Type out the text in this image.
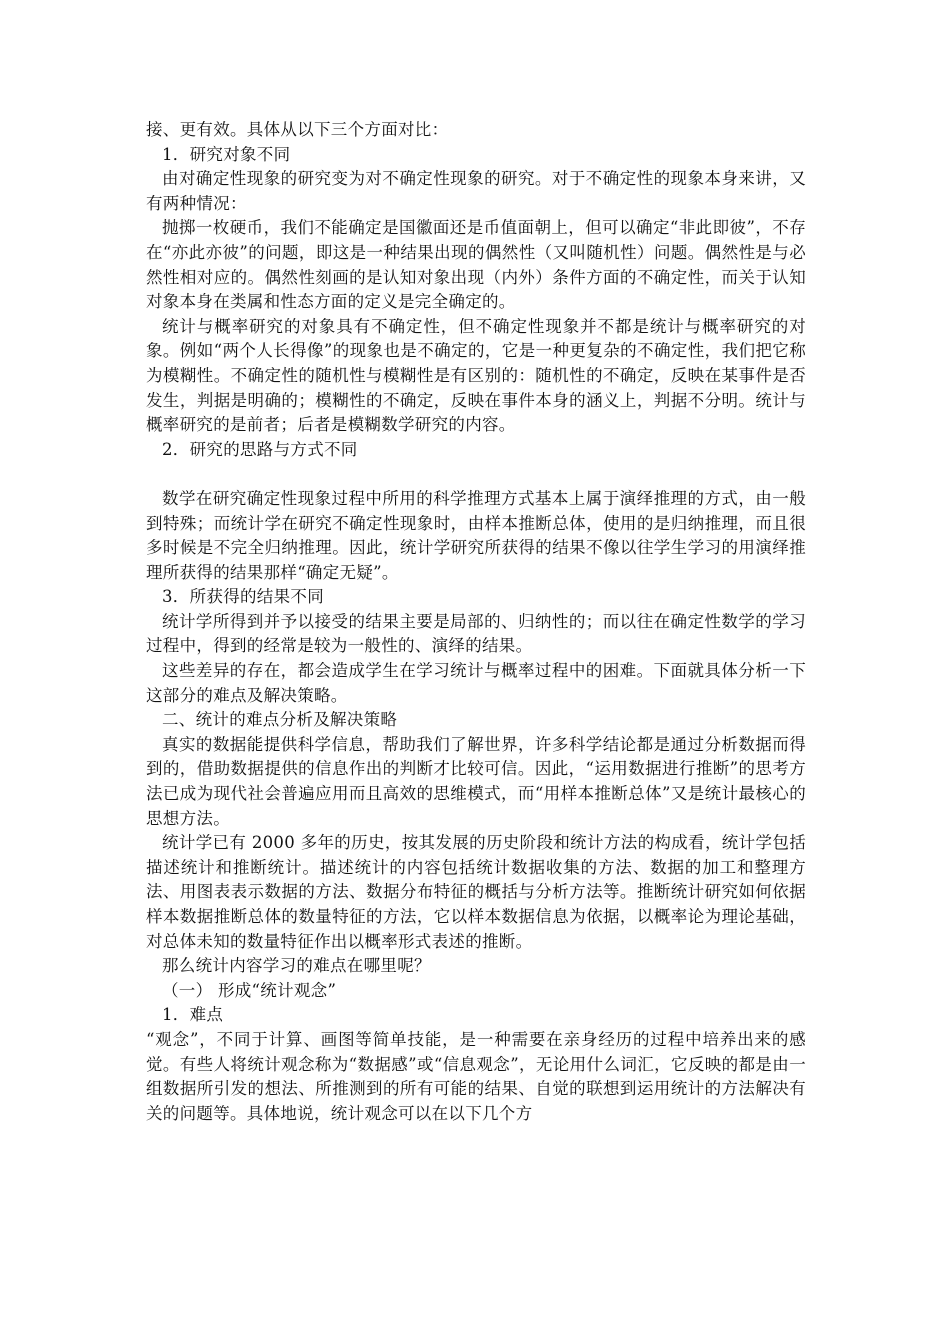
接、更有效。具体从以下三个方面对比：

1．研究对象不同

由对确定性现象的研究变为对不确定性现象的研究。对于不确定性的现象本身来讲，又有两种情况：

抛掷一枚硬币，我们不能确定是国徽面还是币值面朝上，但可以确定“非此即彼”，不存在“亦此亦彼”的问题，即这是一种结果出现的偶然性（又叫随机性）问题。偶然性是与必然性相对应的。偶然性刻画的是认知对象出现（内外）条件方面的不确定性，而关于认知对象本身在类属和性态方面的定义是完全确定的。

统计与概率研究的对象具有不确定性，但不确定性现象并不都是统计与概率研究的对象。例如“两个人长得像”的现象也是不确定的，它是一种更复杂的不确定性，我们把它称为模糊性。不确定性的随机性与模糊性是有区别的：随机性的不确定，反映在某事件是否发生，判据是明确的；模糊性的不确定，反映在事件本身的涵义上，判据不分明。统计与概率研究的是前者；后者是模糊数学研究的内容。

2．研究的思路与方式不同

数学在研究确定性现象过程中所用的科学推理方式基本上属于演绎推理的方式，由一般到特殊；而统计学在研究不确定性现象时，由样本推断总体，使用的是归纳推理，而且很多时候是不完全归纳推理。因此，统计学研究所获得的结果不像以往学生学习的用演绎推理所获得的结果那样“确定无疑”。

3．所获得的结果不同

统计学所得到并予以接受的结果主要是局部的、归纳性的；而以往在确定性数学的学习过程中，得到的经常是较为一般性的、演绎的结果。

这些差异的存在，都会造成学生在学习统计与概率过程中的困难。下面就具体分析一下这部分的难点及解决策略。

二、统计的难点分析及解决策略

真实的数据能提供科学信息，帮助我们了解世界，许多科学结论都是通过分析数据而得到的，借助数据提供的信息作出的判断才比较可信。因此，“运用数据进行推断”的思考方法已成为现代社会普遍应用而且高效的思维模式，而“用样本推断总体”又是统计最核心的思想方法。

统计学已有 2000 多年的历史，按其发展的历史阶段和统计方法的构成看，统计学包括描述统计和推断统计。描述统计的内容包括统计数据收集的方法、数据的加工和整理方法、用图表表示数据的方法、数据分布特征的概括与分析方法等。推断统计研究如何依据样本数据推断总体的数量特征的方法，它以样本数据信息为依据，以概率论为理论基础，对总体未知的数量特征作出以概率形式表述的推断。

那么统计内容学习的难点在哪里呢？

（一） 形成“统计观念”

1．难点

“观念”，不同于计算、画图等简单技能，是一种需要在亲身经历的过程中培养出来的感觉。有些人将统计观念称为“数据感”或“信息观念”，无论用什么词汇，它反映的都是由一组数据所引发的想法、所推测到的所有可能的结果、自觉的联想到运用统计的方法解决有关的问题等。具体地说，统计观念可以在以下几个方
